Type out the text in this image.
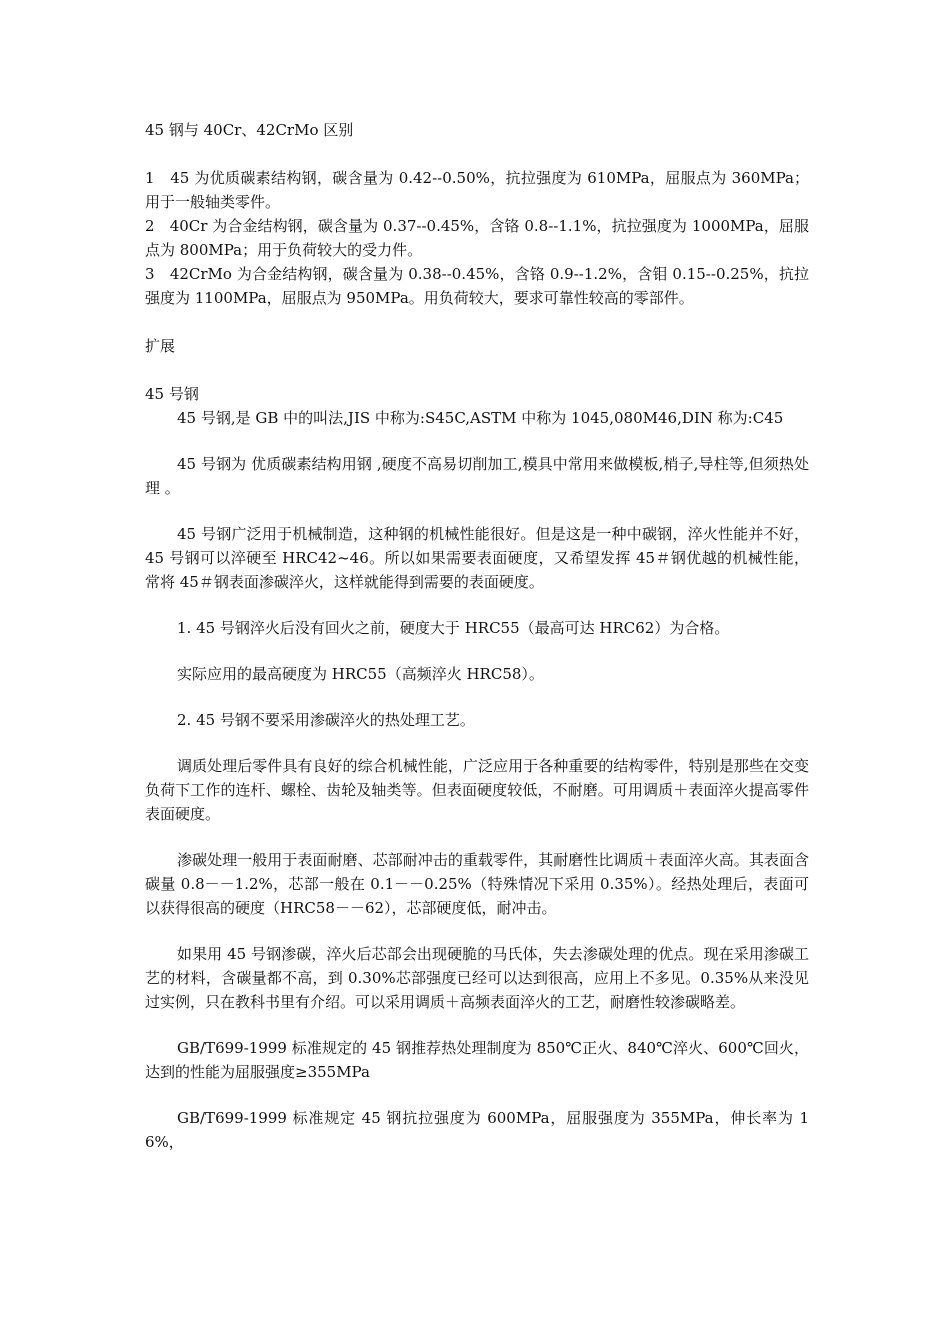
45 钢与 40Cr、42CrMo 区别

1　45 为优质碳素结构钢，碳含量为 0.42--0.50%，抗拉强度为 610MPa，屈服点为 360MPa；用于一般轴类零件。

2　40Cr 为合金结构钢，碳含量为 0.37--0.45%，含铬 0.8--1.1%，抗拉强度为 1000MPa，屈服点为 800MPa；用于负荷较大的受力件。

3　42CrMo 为合金结构钢，碳含量为 0.38--0.45%，含铬 0.9--1.2%，含钼 0.15--0.25%，抗拉强度为 1100MPa，屈服点为 950MPa。用负荷较大，要求可靠性较高的零部件。

扩展

45 号钢

45 号钢,是 GB 中的叫法,JIS 中称为:S45C,ASTM 中称为 1045,080M46,DIN 称为:C45

45 号钢为 优质碳素结构用钢 ,硬度不高易切削加工,模具中常用来做模板,梢子,导柱等,但须热处理 。

45 号钢广泛用于机械制造，这种钢的机械性能很好。但是这是一种中碳钢，淬火性能并不好， 45 号钢可以淬硬至 HRC42~46。所以如果需要表面硬度，又希望发挥 45＃钢优越的机械性能，常将 45＃钢表面渗碳淬火，这样就能得到需要的表面硬度。

1. 45 号钢淬火后没有回火之前，硬度大于 HRC55（最高可达 HRC62）为合格。

实际应用的最高硬度为 HRC55（高频淬火 HRC58）。

2. 45 号钢不要采用渗碳淬火的热处理工艺。

调质处理后零件具有良好的综合机械性能，广泛应用于各种重要的结构零件，特别是那些在交变负荷下工作的连杆、螺栓、齿轮及轴类等。但表面硬度较低，不耐磨。可用调质＋表面淬火提高零件表面硬度。

渗碳处理一般用于表面耐磨、芯部耐冲击的重载零件，其耐磨性比调质＋表面淬火高。其表面含碳量 0.8－－1.2%，芯部一般在 0.1－－0.25%（特殊情况下采用 0.35%）。经热处理后，表面可以获得很高的硬度（HRC58－－62），芯部硬度低，耐冲击。

如果用 45 号钢渗碳，淬火后芯部会出现硬脆的马氏体，失去渗碳处理的优点。现在采用渗碳工艺的材料，含碳量都不高，到 0.30%芯部强度已经可以达到很高，应用上不多见。0.35%从来没见过实例，只在教科书里有介绍。可以采用调质＋高频表面淬火的工艺，耐磨性较渗碳略差。

GB/T699-1999 标准规定的 45 钢推荐热处理制度为 850℃正火、840℃淬火、600℃回火，达到的性能为屈服强度≥355MPa

GB/T699-1999 标准规定 45 钢抗拉强度为 600MPa，屈服强度为 355MPa，伸长率为 16%，
